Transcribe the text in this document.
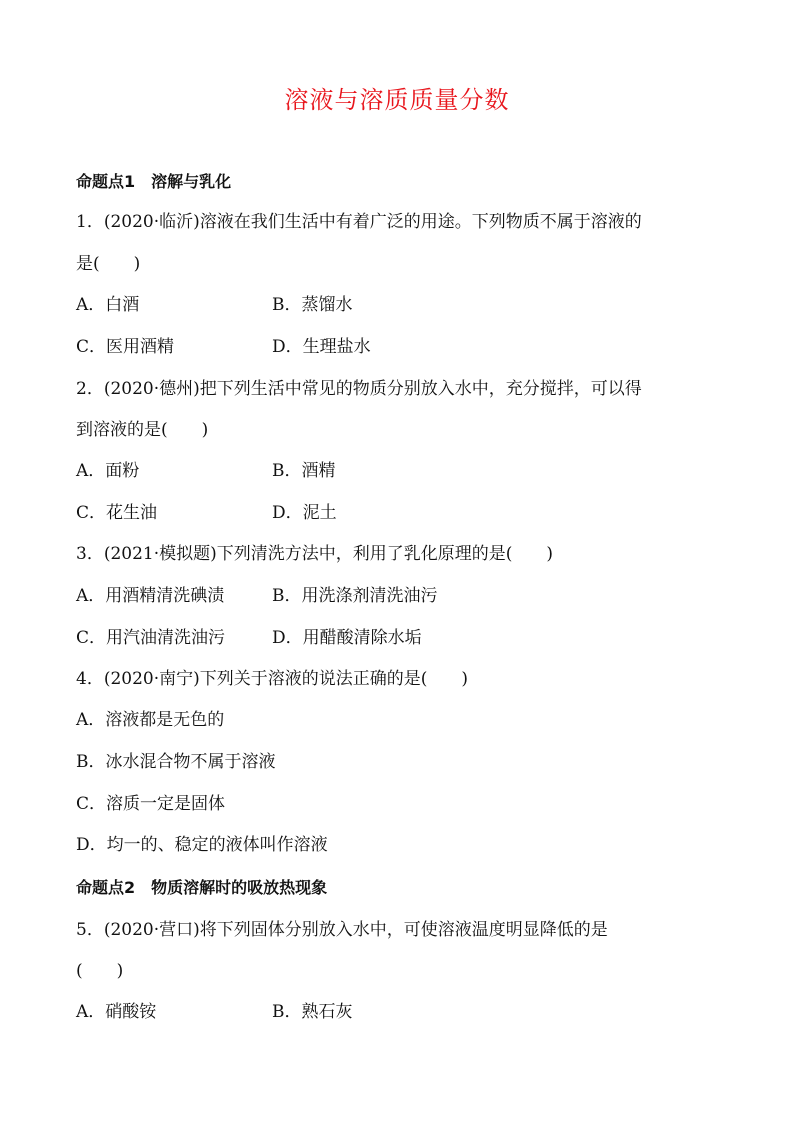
溶液与溶质质量分数
命题点1　溶解与乳化
1．(2020·临沂)溶液在我们生活中有着广泛的用途。下列物质不属于溶液的
是(　　)
A．白酒	B．蒸馏水
C．医用酒精	D．生理盐水
2．(2020·德州)把下列生活中常见的物质分别放入水中，充分搅拌，可以得
到溶液的是(　　)
A．面粉	B．酒精
C．花生油	D．泥土
3．(2021·模拟题)下列清洗方法中，利用了乳化原理的是(　　)
A．用酒精清洗碘渍	B．用洗涤剂清洗油污
C．用汽油清洗油污	D．用醋酸清除水垢
4．(2020·南宁)下列关于溶液的说法正确的是(　　)
A．溶液都是无色的
B．冰水混合物不属于溶液
C．溶质一定是固体
D．均一的、稳定的液体叫作溶液
命题点2　物质溶解时的吸放热现象
5．(2020·营口)将下列固体分别放入水中，可使溶液温度明显降低的是
(　　)
A．硝酸铵	B．熟石灰
